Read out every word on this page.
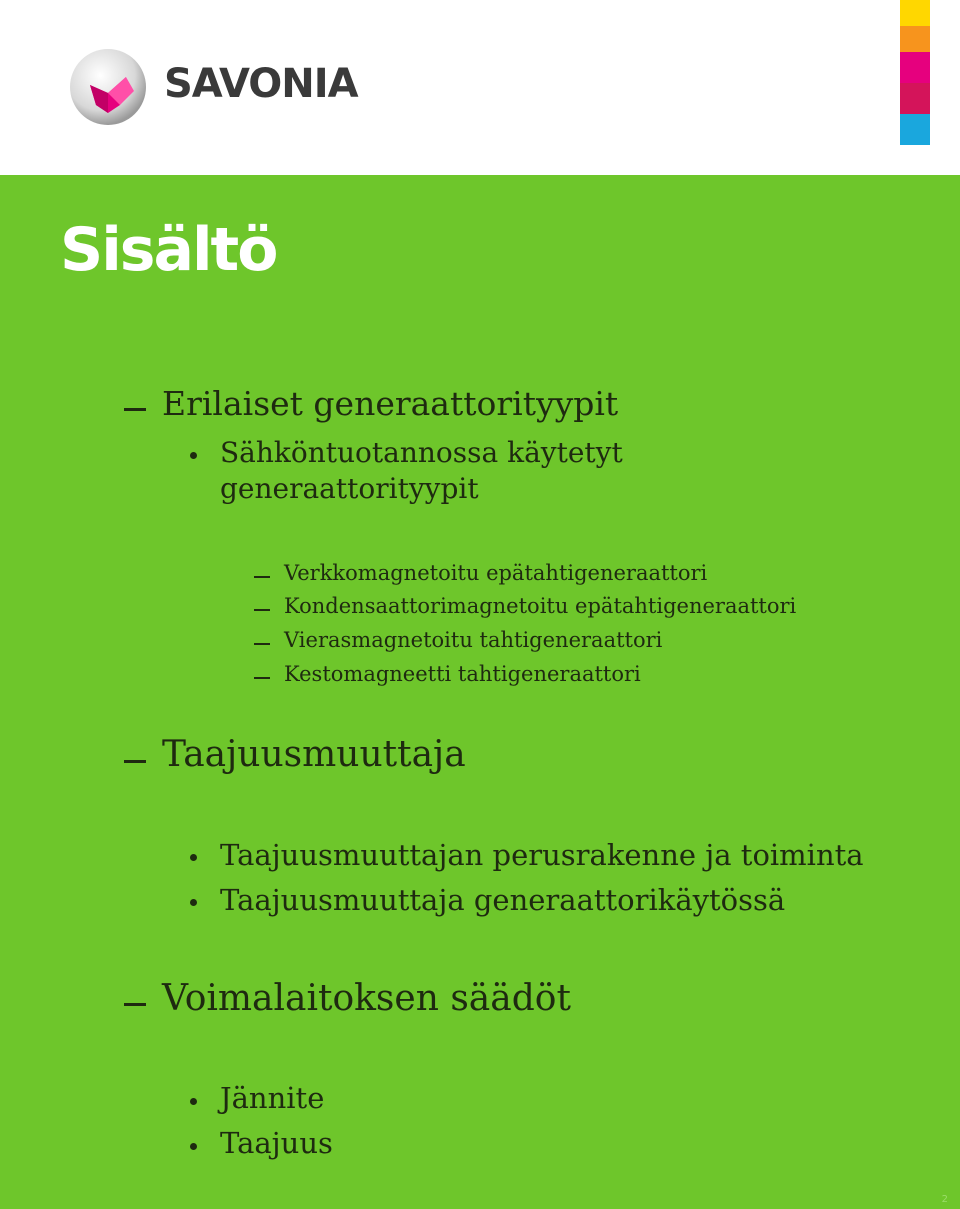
SAVONIA
Sisältö
Erilaiset generaattorityypit
Sähköntuotannossa käytetyt
generaattorityypit
Verkkomagnetoitu epätahtigeneraattori
Kondensaattorimagnetoitu epätahtigeneraattori
Vierasmagnetoitu tahtigeneraattori
Kestomagneetti tahtigeneraattori
Taajuusmuuttaja
Taajuusmuuttajan perusrakenne ja toiminta
Taajuusmuuttaja generaattorikäytössä
Voimalaitoksen säädöt
Jännite
Taajuus
2
